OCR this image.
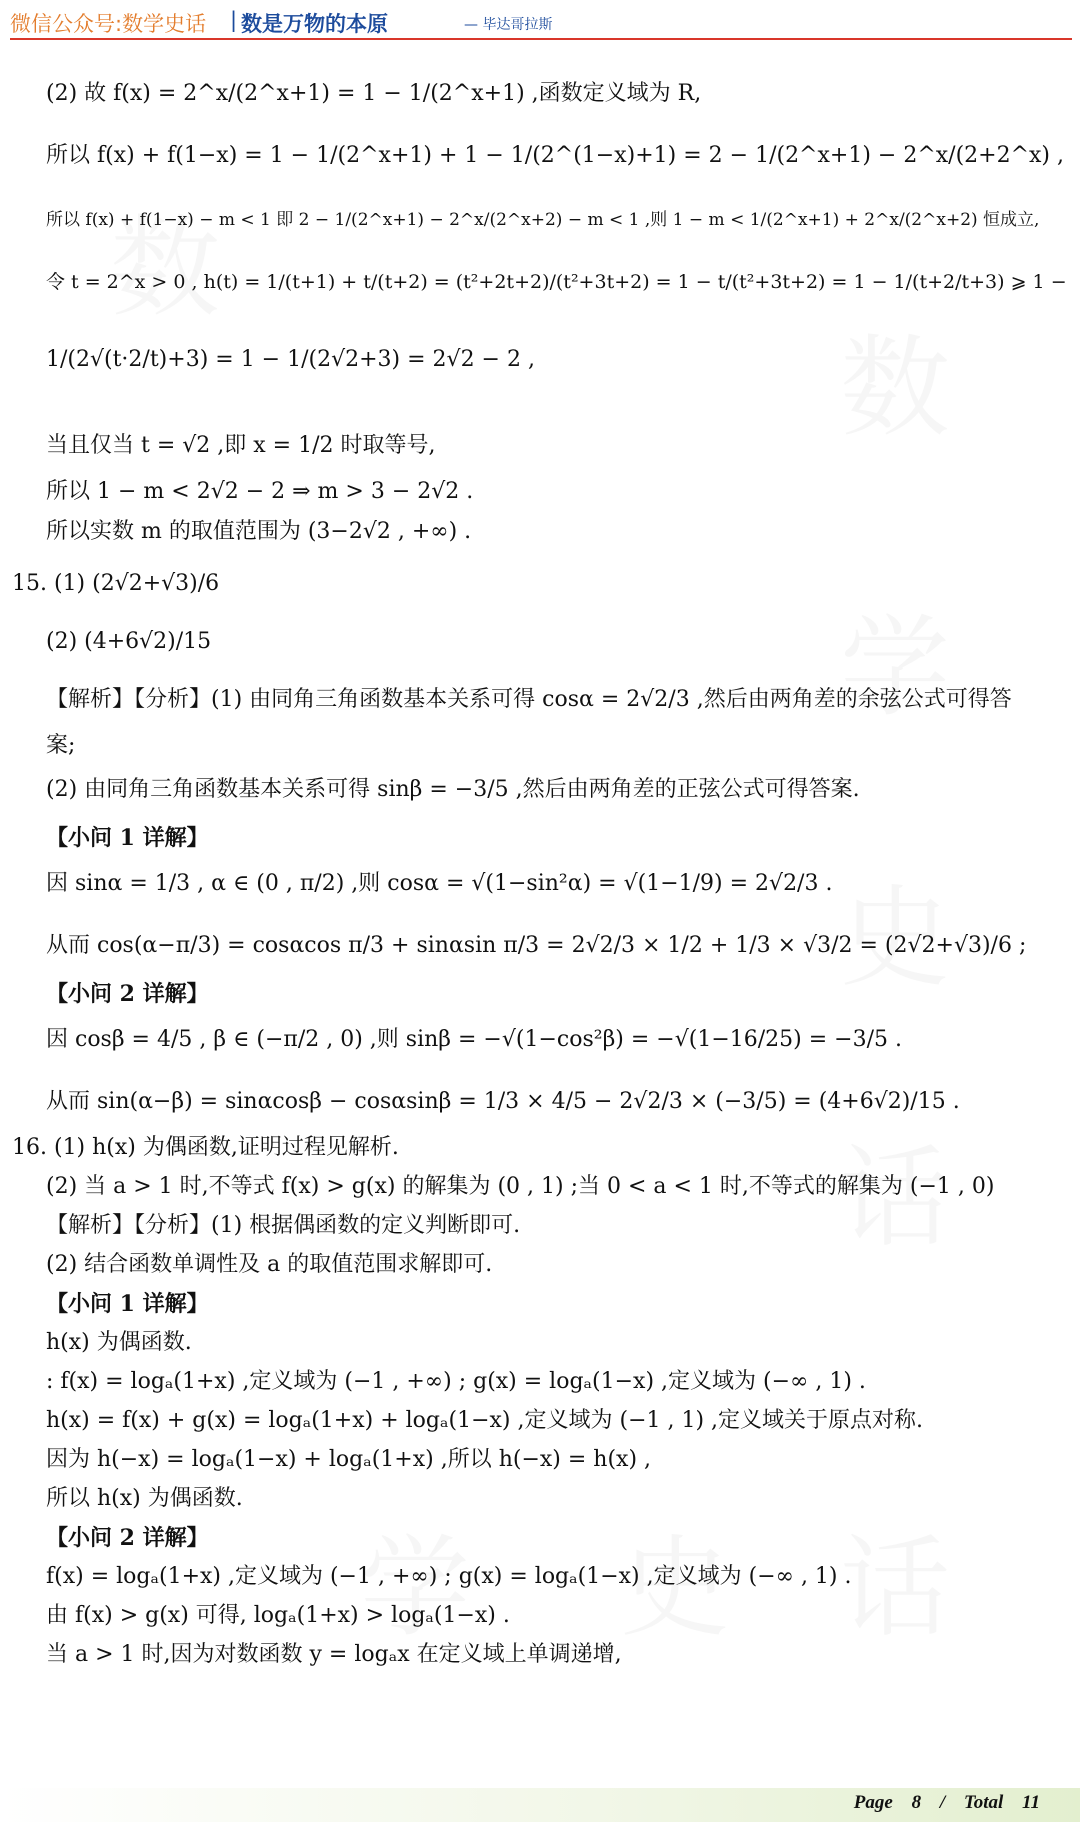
微信公众号:数学史话 | 数是万物的本原	— 毕达哥拉斯
(2) 故 f(x) = 2^x/(2^x+1) = 1 − 1/(2^x+1) ,函数定义域为 R,
所以 f(x) + f(1−x) = 1 − 1/(2^x+1) + 1 − 1/(2^(1−x)+1) = 2 − 1/(2^x+1) − 2^x/(2+2^x) ,
所以 f(x) + f(1−x) − m < 1 即 2 − 1/(2^x+1) − 2^x/(2^x+2) − m < 1 ,则 1 − m < 1/(2^x+1) + 2^x/(2^x+2) 恒成立,
令 t = 2^x > 0 , h(t) = 1/(t+1) + t/(t+2) = (t²+2t+2)/(t²+3t+2) = 1 − t/(t²+3t+2) = 1 − 1/(t+2/t+3) ⩾ 1 −
1/(2√(t·2/t)+3) = 1 − 1/(2√2+3) = 2√2 − 2 ,
当且仅当 t = √2 ,即 x = 1/2 时取等号,
所以 1 − m < 2√2 − 2 ⇒ m > 3 − 2√2 .
所以实数 m 的取值范围为 (3−2√2 , +∞) .
15. (1) (2√2+√3)/6
(2) (4+6√2)/15
【解析】【分析】(1) 由同角三角函数基本关系可得 cosα = 2√2/3 ,然后由两角差的余弦公式可得答
案;
(2) 由同角三角函数基本关系可得 sinβ = −3/5 ,然后由两角差的正弦公式可得答案.
【小问 1 详解】
因 sinα = 1/3 , α ∈ (0 , π/2) ,则 cosα = √(1−sin²α) = √(1−1/9) = 2√2/3 .
从而 cos(α−π/3) = cosαcos π/3 + sinαsin π/3 = 2√2/3 × 1/2 + 1/3 × √3/2 = (2√2+√3)/6 ;
【小问 2 详解】
因 cosβ = 4/5 , β ∈ (−π/2 , 0) ,则 sinβ = −√(1−cos²β) = −√(1−16/25) = −3/5 .
从而 sin(α−β) = sinαcosβ − cosαsinβ = 1/3 × 4/5 − 2√2/3 × (−3/5) = (4+6√2)/15 .
16. (1) h(x) 为偶函数,证明过程见解析.
(2) 当 a > 1 时,不等式 f(x) > g(x) 的解集为 (0 , 1) ;当 0 < a < 1 时,不等式的解集为 (−1 , 0)
【解析】【分析】(1) 根据偶函数的定义判断即可.
(2) 结合函数单调性及 a 的取值范围求解即可.
【小问 1 详解】
h(x) 为偶函数.
: f(x) = logₐ(1+x) ,定义域为 (−1 , +∞) ; g(x) = logₐ(1−x) ,定义域为 (−∞ , 1) .
h(x) = f(x) + g(x) = logₐ(1+x) + logₐ(1−x) ,定义域为 (−1 , 1) ,定义域关于原点对称.
因为 h(−x) = logₐ(1−x) + logₐ(1+x) ,所以 h(−x) = h(x) ,
所以 h(x) 为偶函数.
【小问 2 详解】
f(x) = logₐ(1+x) ,定义域为 (−1 , +∞) ; g(x) = logₐ(1−x) ,定义域为 (−∞ , 1) .
由 f(x) > g(x) 可得, logₐ(1+x) > logₐ(1−x) .
当 a > 1 时,因为对数函数 y = logₐx 在定义域上单调递增,
Page 8 / Total 11
